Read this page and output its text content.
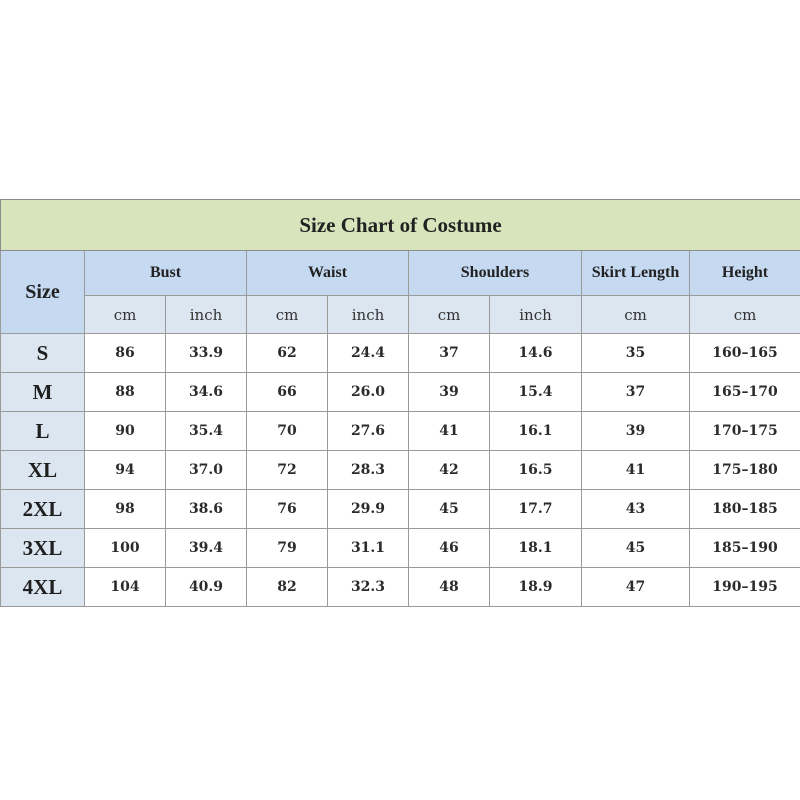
Size Chart of Costume								
Size	Bust		Waist		Shoulders		Skirt Length	Height
	cm	inch	cm	inch	cm	inch	cm	cm
S	86	33.9	62	24.4	37	14.6	35	160–165
M	88	34.6	66	26.0	39	15.4	37	165–170
L	90	35.4	70	27.6	41	16.1	39	170–175
XL	94	37.0	72	28.3	42	16.5	41	175–180
2XL	98	38.6	76	29.9	45	17.7	43	180–185
3XL	100	39.4	79	31.1	46	18.1	45	185–190
4XL	104	40.9	82	32.3	48	18.9	47	190–195
